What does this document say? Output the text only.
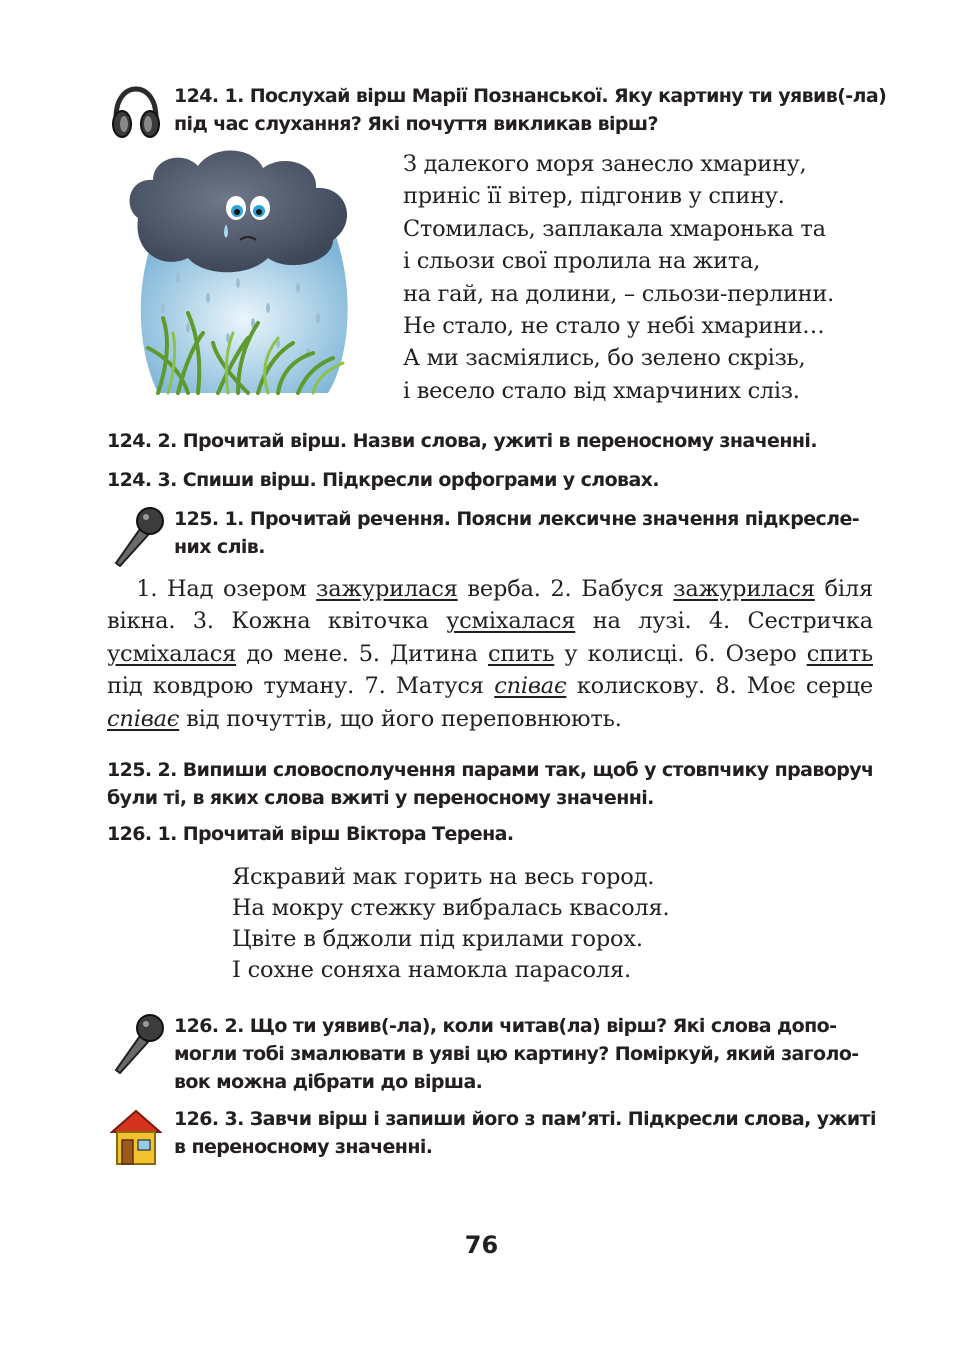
124. 1. Послухай вірш Марії Познанської. Яку картину ти уявив(-ла)
під час слухання? Які почуття викликав вірш?
З далекого моря занесло хмарину,
приніс її вітер, підгонив у спину.
Стомилась, заплакала хмаронька та
і сльози свої пролила на жита,
на гай, на долини, – сльози-перлини.
Не стало, не стало у небі хмарини…
А ми засміялись, бо зелено скрізь,
і весело стало від хмарчиних сліз.
124. 2. Прочитай вірш. Назви слова, ужиті в переносному значенні.
124. 3. Спиши вірш. Підкресли орфограми у словах.
125. 1. Прочитай речення. Поясни лексичне значення підкресле-
них слів.
1. Над озером зажурилася верба. 2. Бабуся зажурилася біля вікна. 3. Кожна квіточка усміхалася на лузі. 4. Сестричка усміхалася до мене. 5. Дитина спить у колисці. 6. Озеро спить під ковдрою туману. 7. Матуся співає колискову. 8. Моє серце співає від почуттів, що його переповнюють.
125. 2. Випиши словосполучення парами так, щоб у стовпчику праворуч
були ті, в яких слова вжиті у переносному значенні.
126. 1. Прочитай вірш Віктора Терена.
Яскравий мак горить на весь город.
На мокру стежку вибралась квасоля.
Цвіте в бджоли під крилами горох.
І сохне соняха намокла парасоля.
126. 2. Що ти уявив(-ла), коли читав(ла) вірш? Які слова допо-
могли тобі змалювати в уяві цю картину? Поміркуй, який заголо-
вок можна дібрати до вірша.
126. 3. Завчи вірш і запиши його з пам’яті. Підкресли слова, ужиті
в переносному значенні.
76
